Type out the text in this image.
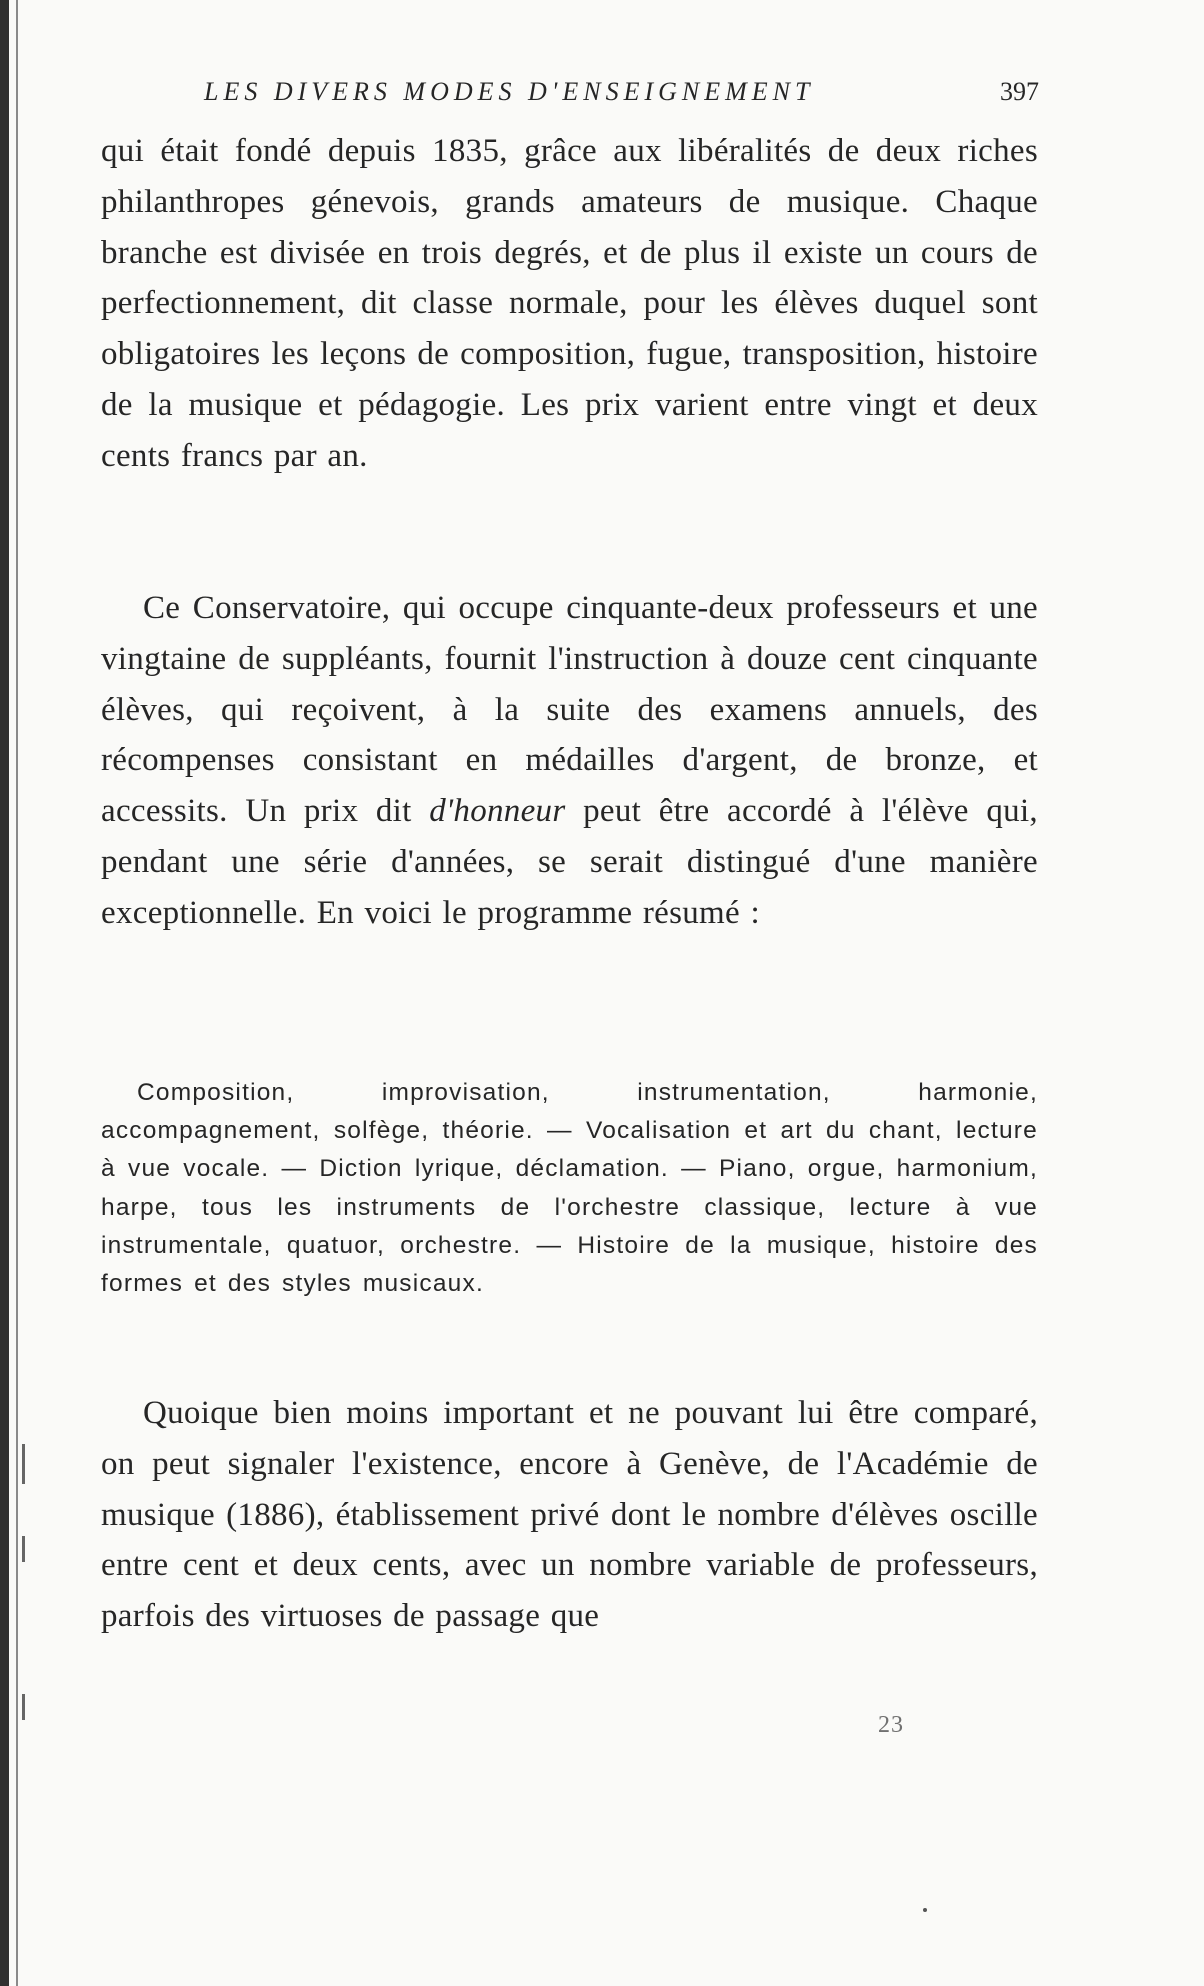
LES DIVERS MODES D'ENSEIGNEMENT	397

qui était fondé depuis 1835, grâce aux libéralités de deux riches philanthropes génevois, grands amateurs de musique. Chaque branche est divisée en trois degrés, et de plus il existe un cours de perfectionnement, dit classe normale, pour les élèves duquel sont obligatoires les leçons de composition, fugue, transposition, histoire de la musique et pédagogie. Les prix varient entre vingt et deux cents francs par an.

Ce Conservatoire, qui occupe cinquante-deux professeurs et une vingtaine de suppléants, fournit l'instruction à douze cent cinquante élèves, qui reçoivent, à la suite des examens annuels, des récompenses consistant en médailles d'argent, de bronze, et accessits. Un prix dit d'honneur peut être accordé à l'élève qui, pendant une série d'années, se serait distingué d'une manière exceptionnelle. En voici le programme résumé :

Composition, improvisation, instrumentation, harmonie, accompagnement, solfège, théorie. — Vocalisation et art du chant, lecture à vue vocale. — Diction lyrique, déclamation. — Piano, orgue, harmonium, harpe, tous les instruments de l'orchestre classique, lecture à vue instrumentale, quatuor, orchestre. — Histoire de la musique, histoire des formes et des styles musicaux.

Quoique bien moins important et ne pouvant lui être comparé, on peut signaler l'existence, encore à Genève, de l'Académie de musique (1886), établissement privé dont le nombre d'élèves oscille entre cent et deux cents, avec un nombre variable de professeurs, parfois des virtuoses de passage que

23
